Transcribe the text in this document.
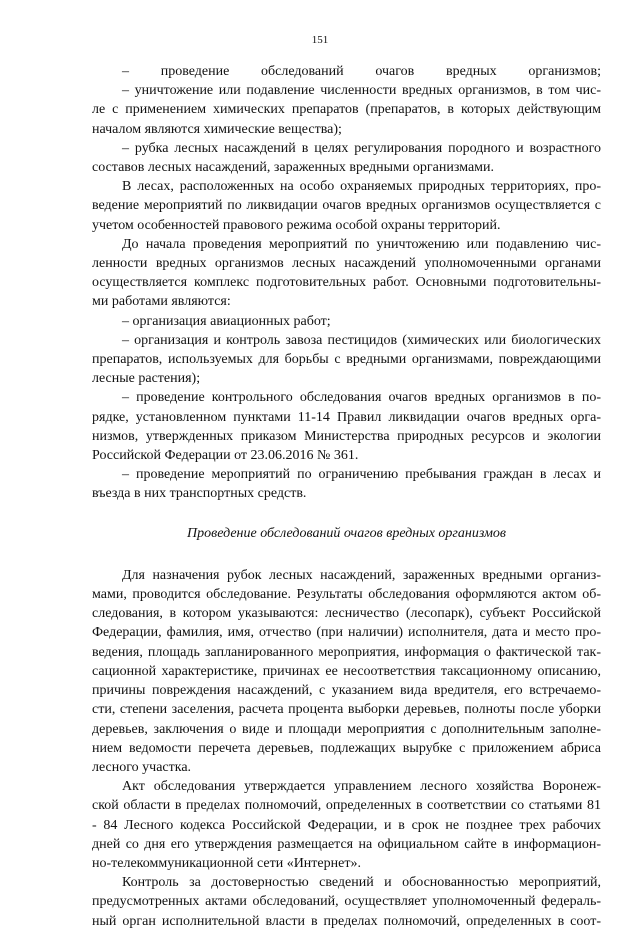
151
– проведение обследований очагов вредных организмов;
– уничтожение или подавление численности вредных организмов, в том чис-
ле с применением химических препаратов (препаратов, в которых действующим
началом являются химические вещества);
– рубка лесных насаждений в целях регулирования породного и возрастного
составов лесных насаждений, зараженных вредными организмами.
В лесах, расположенных на особо охраняемых природных территориях, про-
ведение мероприятий по ликвидации очагов вредных организмов осуществляется с
учетом особенностей правового режима особой охраны территорий.
До начала проведения мероприятий по уничтожению или подавлению чис-
ленности вредных организмов лесных насаждений уполномоченными органами
осуществляется комплекс подготовительных работ. Основными подготовительны-
ми работами являются:
– организация авиационных работ;
– организация и контроль завоза пестицидов (химических или биологических
препаратов, используемых для борьбы с вредными организмами, повреждающими
лесные растения);
– проведение контрольного обследования очагов вредных организмов в по-
рядке, установленном пунктами 11-14 Правил ликвидации очагов вредных орга-
низмов, утвержденных приказом Министерства природных ресурсов и экологии
Российской Федерации от 23.06.2016 № 361.
– проведение мероприятий по ограничению пребывания граждан в лесах и
въезда в них транспортных средств.
Проведение обследований очагов вредных организмов
Для назначения рубок лесных насаждений, зараженных вредными организ-
мами, проводится обследование. Результаты обследования оформляются актом об-
следования, в котором указываются: лесничество (лесопарк), субъект Российской
Федерации, фамилия, имя, отчество (при наличии) исполнителя, дата и место про-
ведения, площадь запланированного мероприятия, информация о фактической так-
сационной характеристике, причинах ее несоответствия таксационному описанию,
причины повреждения насаждений, с указанием вида вредителя, его встречаемо-
сти, степени заселения, расчета процента выборки деревьев, полноты после уборки
деревьев, заключения о виде и площади мероприятия с дополнительным заполне-
нием ведомости перечета деревьев, подлежащих вырубке с приложением абриса
лесного участка.
Акт обследования утверждается управлением лесного хозяйства Воронеж-
ской области в пределах полномочий, определенных в соответствии со статьями 81
- 84 Лесного кодекса Российской Федерации, и в срок не позднее трех рабочих
дней со дня его утверждения размещается на официальном сайте в информацион-
но-телекоммуникационной сети «Интернет».
Контроль за достоверностью сведений и обоснованностью мероприятий,
предусмотренных актами обследований, осуществляет уполномоченный федераль-
ный орган исполнительной власти в пределах полномочий, определенных в соот-
